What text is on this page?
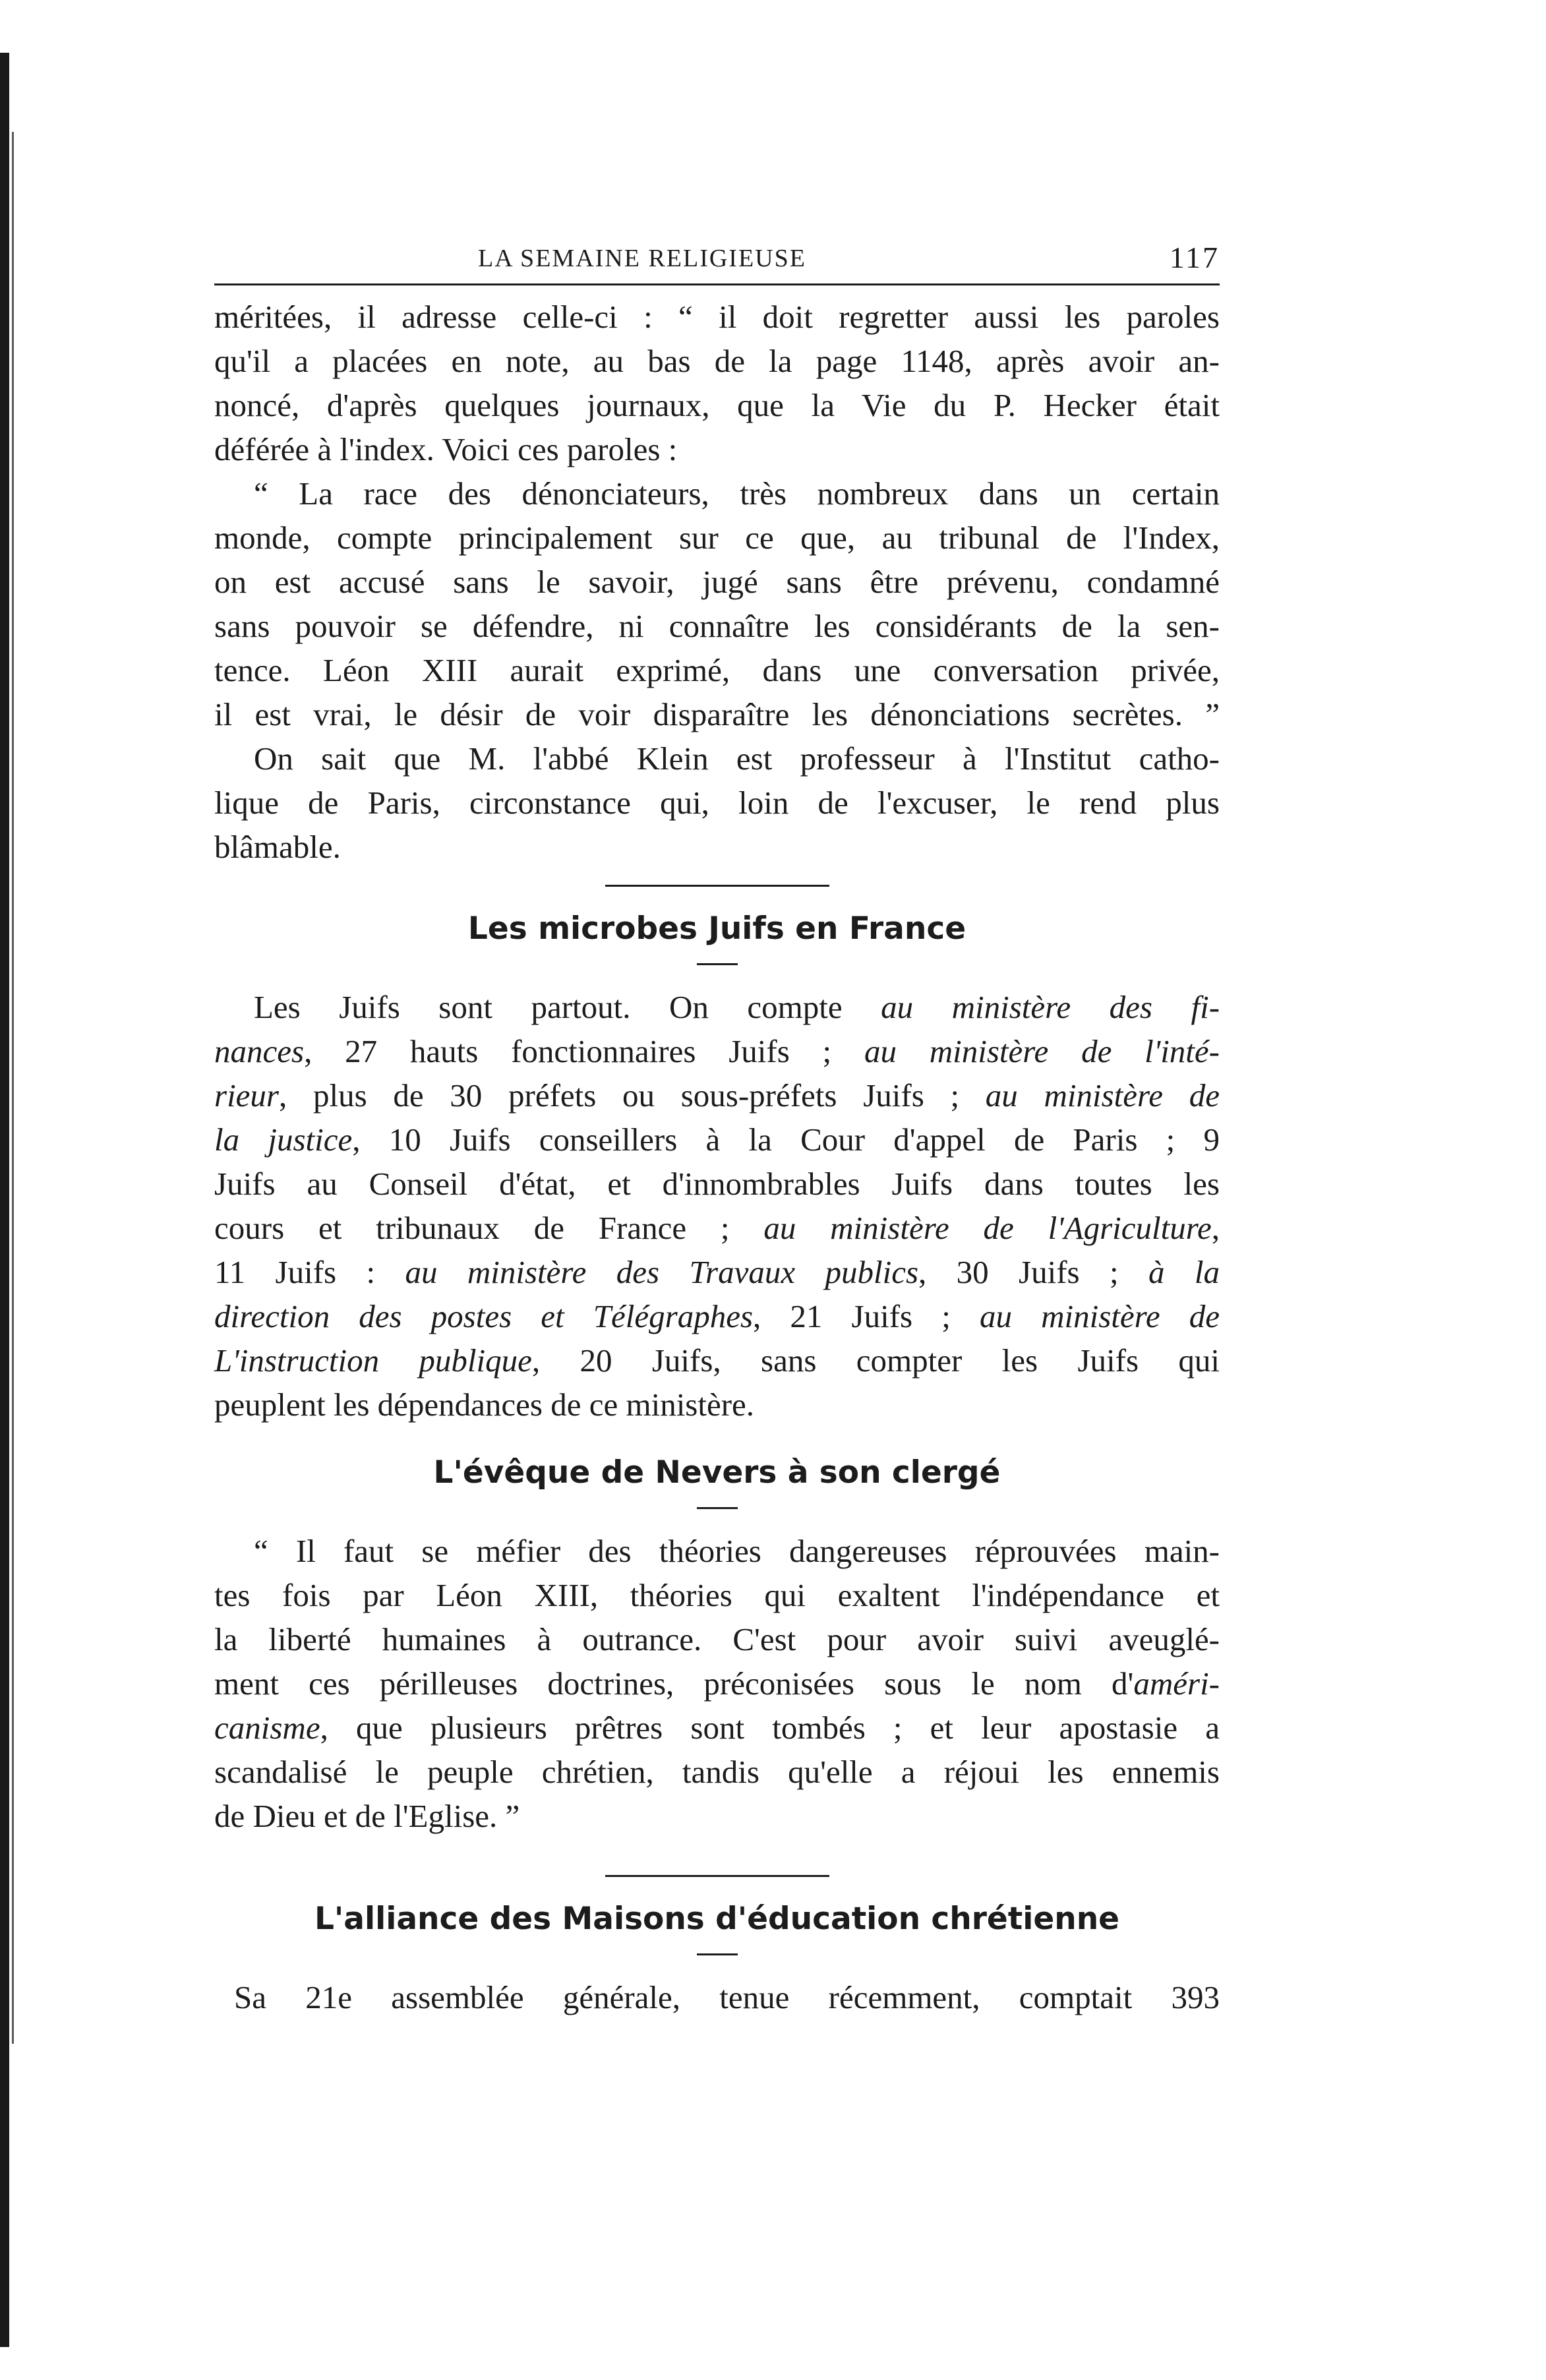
LA SEMAINE RELIGIEUSE	117
méritées, il adresse celle-ci : “ il doit regretter aussi les paroles
qu'il a placées en note, au bas de la page 1148, après avoir an-
noncé, d'après quelques journaux, que la Vie du P. Hecker était
déférée à l'index. Voici ces paroles :
“ La race des dénonciateurs, très nombreux dans un certain
monde, compte principalement sur ce que, au tribunal de l'Index,
on est accusé sans le savoir, jugé sans être prévenu, condamné
sans pouvoir se défendre, ni connaître les considérants de la sen-
tence. Léon XIII aurait exprimé, dans une conversation privée,
il est vrai, le désir de voir disparaître les dénonciations secrètes. ”
On sait que M. l'abbé Klein est professeur à l'Institut catho-
lique de Paris, circonstance qui, loin de l'excuser, le rend plus
blâmable.
Les microbes Juifs en France
Les Juifs sont partout. On compte au ministère des fi-
nances, 27 hauts fonctionnaires Juifs ; au ministère de l'inté-
rieur, plus de 30 préfets ou sous-préfets Juifs ; au ministère de
la justice, 10 Juifs conseillers à la Cour d'appel de Paris ; 9
Juifs au Conseil d'état, et d'innombrables Juifs dans toutes les
cours et tribunaux de France ; au ministère de l'Agriculture,
11 Juifs : au ministère des Travaux publics, 30 Juifs ; à la
direction des postes et Télégraphes, 21 Juifs ; au ministère de
L'instruction publique, 20 Juifs, sans compter les Juifs qui
peuplent les dépendances de ce ministère.
L'évêque de Nevers à son clergé
“ Il faut se méfier des théories dangereuses réprouvées main-
tes fois par Léon XIII, théories qui exaltent l'indépendance et
la liberté humaines à outrance. C'est pour avoir suivi aveuglé-
ment ces périlleuses doctrines, préconisées sous le nom d'améri-
canisme, que plusieurs prêtres sont tombés ; et leur apostasie a
scandalisé le peuple chrétien, tandis qu'elle a réjoui les ennemis
de Dieu et de l'Eglise. ”
L'alliance des Maisons d'éducation chrétienne
Sa 21e assemblée générale, tenue récemment, comptait 393
